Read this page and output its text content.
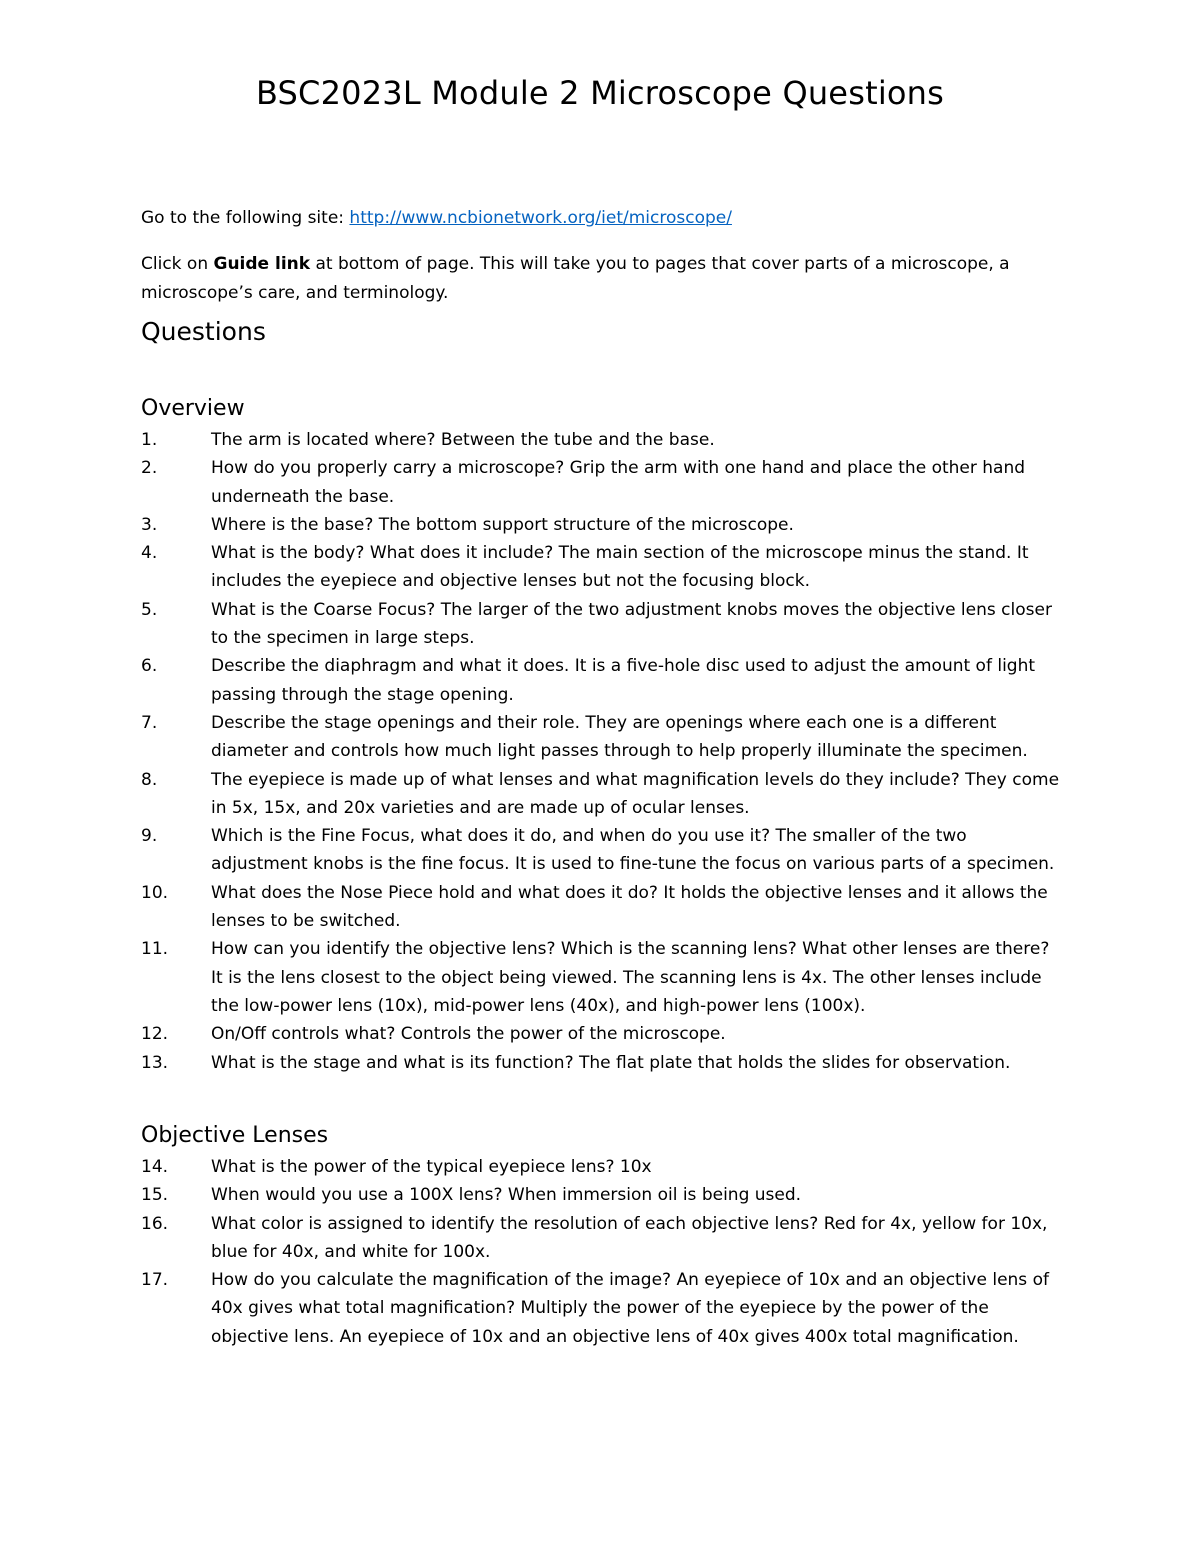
BSC2023L Module 2 Microscope Questions

Go to the following site: http://www.ncbionetwork.org/iet/microscope/

Click on Guide link at bottom of page. This will take you to pages that cover parts of a microscope, a microscope’s care, and terminology.

Questions
Overview
1.	The arm is located where? Between the tube and the base.
2.	How do you properly carry a microscope? Grip the arm with one hand and place the other hand underneath the base.
3.	Where is the base? The bottom support structure of the microscope.
4.	What is the body? What does it include? The main section of the microscope minus the stand. It includes the eyepiece and objective lenses but not the focusing block.
5.	What is the Coarse Focus? The larger of the two adjustment knobs moves the objective lens closer to the specimen in large steps.
6.	Describe the diaphragm and what it does. It is a five-hole disc used to adjust the amount of light passing through the stage opening.
7.	Describe the stage openings and their role. They are openings where each one is a different diameter and controls how much light passes through to help properly illuminate the specimen.
8.	The eyepiece is made up of what lenses and what magnification levels do they include? They come in 5x, 15x, and 20x varieties and are made up of ocular lenses.
9.	Which is the Fine Focus, what does it do, and when do you use it? The smaller of the two adjustment knobs is the fine focus. It is used to fine-tune the focus on various parts of a specimen.
10.	What does the Nose Piece hold and what does it do? It holds the objective lenses and it allows the lenses to be switched.
11.	How can you identify the objective lens? Which is the scanning lens? What other lenses are there? It is the lens closest to the object being viewed. The scanning lens is 4x. The other lenses include the low-power lens (10x), mid-power lens (40x), and high-power lens (100x).
12.	On/Off controls what? Controls the power of the microscope.
13.	What is the stage and what is its function? The flat plate that holds the slides for observation.
Objective Lenses
14.	What is the power of the typical eyepiece lens? 10x
15.	When would you use a 100X lens? When immersion oil is being used.
16.	What color is assigned to identify the resolution of each objective lens? Red for 4x, yellow for 10x, blue for 40x, and white for 100x.
17.	How do you calculate the magnification of the image? An eyepiece of 10x and an objective lens of 40x gives what total magnification? Multiply the power of the eyepiece by the power of the objective lens. An eyepiece of 10x and an objective lens of 40x gives 400x total magnification.
